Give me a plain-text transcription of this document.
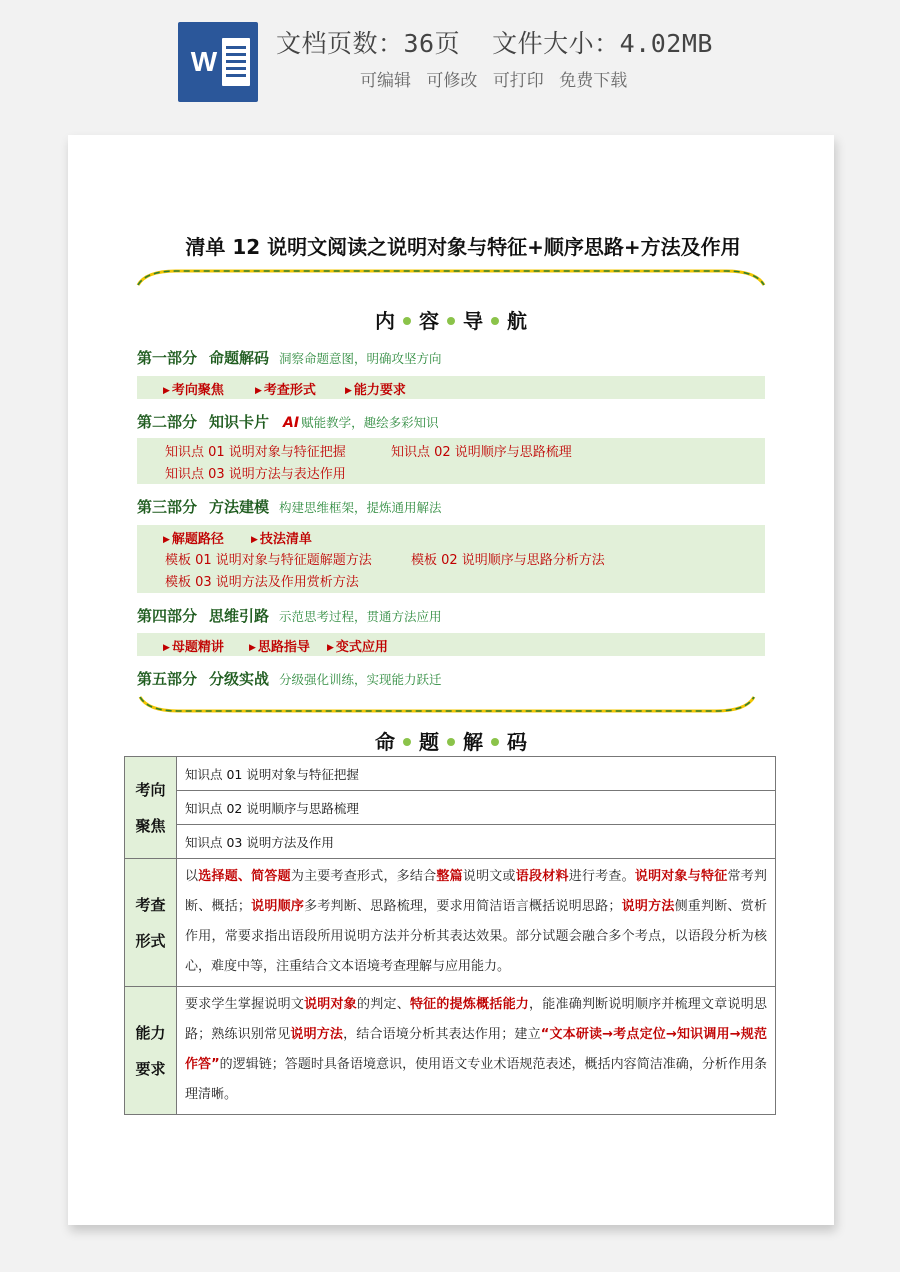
W
文档页数：36页 文件大小：4.02MB
可编辑 可修改 可打印 免费下载
清单 12 说明文阅读之说明对象与特征+顺序思路+方法及作用
内 容 导 航
第一部分 命题解码 洞察命题意图，明确攻坚方向
▶ 考向聚焦	▶ 考查形式	▶ 能力要求
第二部分 知识卡片 AI 赋能教学，趣绘多彩知识
知识点 01 说明对象与特征把握	知识点 02 说明顺序与思路梳理
知识点 03 说明方法与表达作用
第三部分 方法建模 构建思维框架，提炼通用解法
▶ 解题路径	▶ 技法清单
模板 01 说明对象与特征题解题方法	模板 02 说明顺序与思路分析方法
模板 03 说明方法及作用赏析方法
第四部分 思维引路 示范思考过程，贯通方法应用
▶ 母题精讲	▶ 思路指导 ▶ 变式应用
第五部分 分级实战 分级强化训练，实现能力跃迁
命 题 解 码
考向
聚焦	知识点 01 说明对象与特征把握
	知识点 02 说明顺序与思路梳理
	知识点 03 说明方法及作用

考查
形式	以选择题、简答题为主要考查形式，多结合整篇说明文或语段材料进行考查。说明对象与特征常考判断、概括；说明顺序多考判断、思路梳理，要求用简洁语言概括说明思路；说明方法侧重判断、赏析作用，常要求指出语段所用说明方法并分析其表达效果。部分试题会融合多个考点，以语段分析为核心，难度中等，注重结合文本语境考查理解与应用能力。

能力
要求	要求学生掌握说明文说明对象的判定、特征的提炼概括能力，能准确判断说明顺序并梳理文章说明思路；熟练识别常见说明方法，结合语境分析其表达作用；建立“文本研读→考点定位→知识调用→规范作答”的逻辑链；答题时具备语境意识，使用语文专业术语规范表述，概括内容简洁准确，分析作用条理清晰。
